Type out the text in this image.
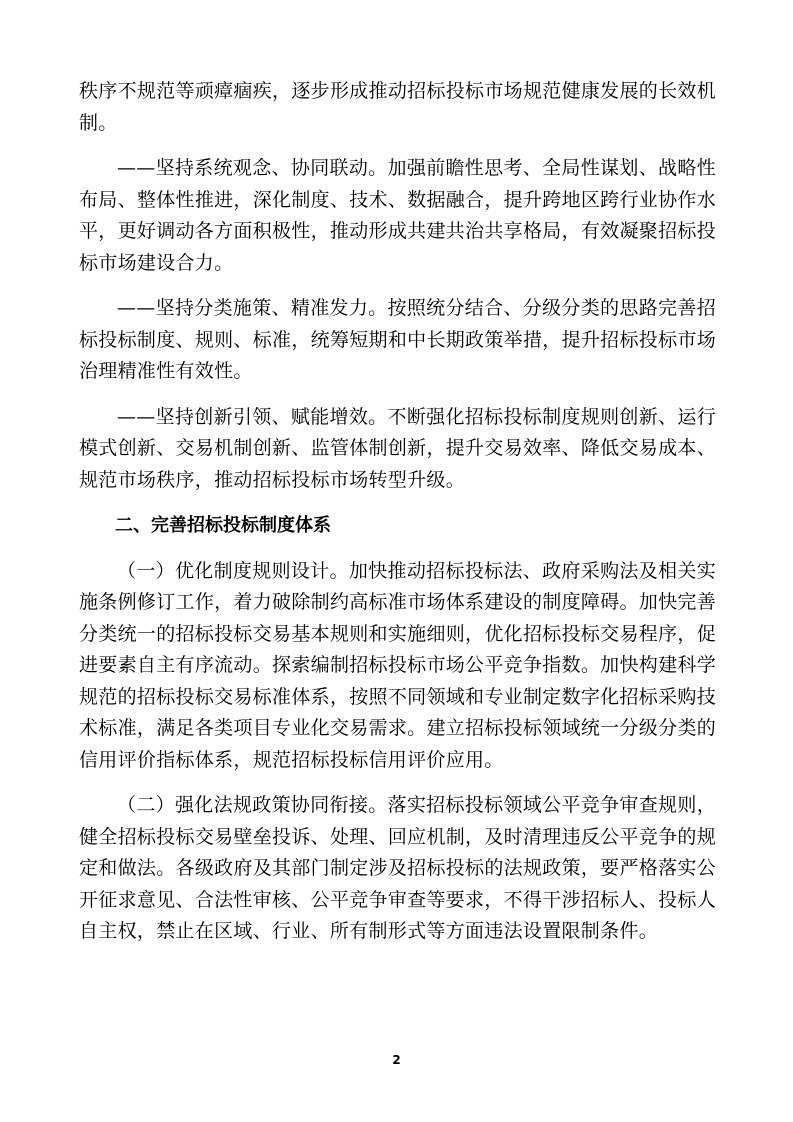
秩序不规范等顽瘴痼疾，逐步形成推动招标投标市场规范健康发展的长效机制。

——坚持系统观念、协同联动。加强前瞻性思考、全局性谋划、战略性布局、整体性推进，深化制度、技术、数据融合，提升跨地区跨行业协作水平，更好调动各方面积极性，推动形成共建共治共享格局，有效凝聚招标投标市场建设合力。

——坚持分类施策、精准发力。按照统分结合、分级分类的思路完善招标投标制度、规则、标准，统筹短期和中长期政策举措，提升招标投标市场治理精准性有效性。

——坚持创新引领、赋能增效。不断强化招标投标制度规则创新、运行模式创新、交易机制创新、监管体制创新，提升交易效率、降低交易成本、规范市场秩序，推动招标投标市场转型升级。

二、完善招标投标制度体系

（一）优化制度规则设计。加快推动招标投标法、政府采购法及相关实施条例修订工作，着力破除制约高标准市场体系建设的制度障碍。加快完善分类统一的招标投标交易基本规则和实施细则，优化招标投标交易程序，促进要素自主有序流动。探索编制招标投标市场公平竞争指数。加快构建科学规范的招标投标交易标准体系，按照不同领域和专业制定数字化招标采购技术标准，满足各类项目专业化交易需求。建立招标投标领域统一分级分类的信用评价指标体系，规范招标投标信用评价应用。

（二）强化法规政策协同衔接。落实招标投标领域公平竞争审查规则，健全招标投标交易壁垒投诉、处理、回应机制，及时清理违反公平竞争的规定和做法。各级政府及其部门制定涉及招标投标的法规政策，要严格落实公开征求意见、合法性审核、公平竞争审查等要求，不得干涉招标人、投标人自主权，禁止在区域、行业、所有制形式等方面违法设置限制条件。

2
